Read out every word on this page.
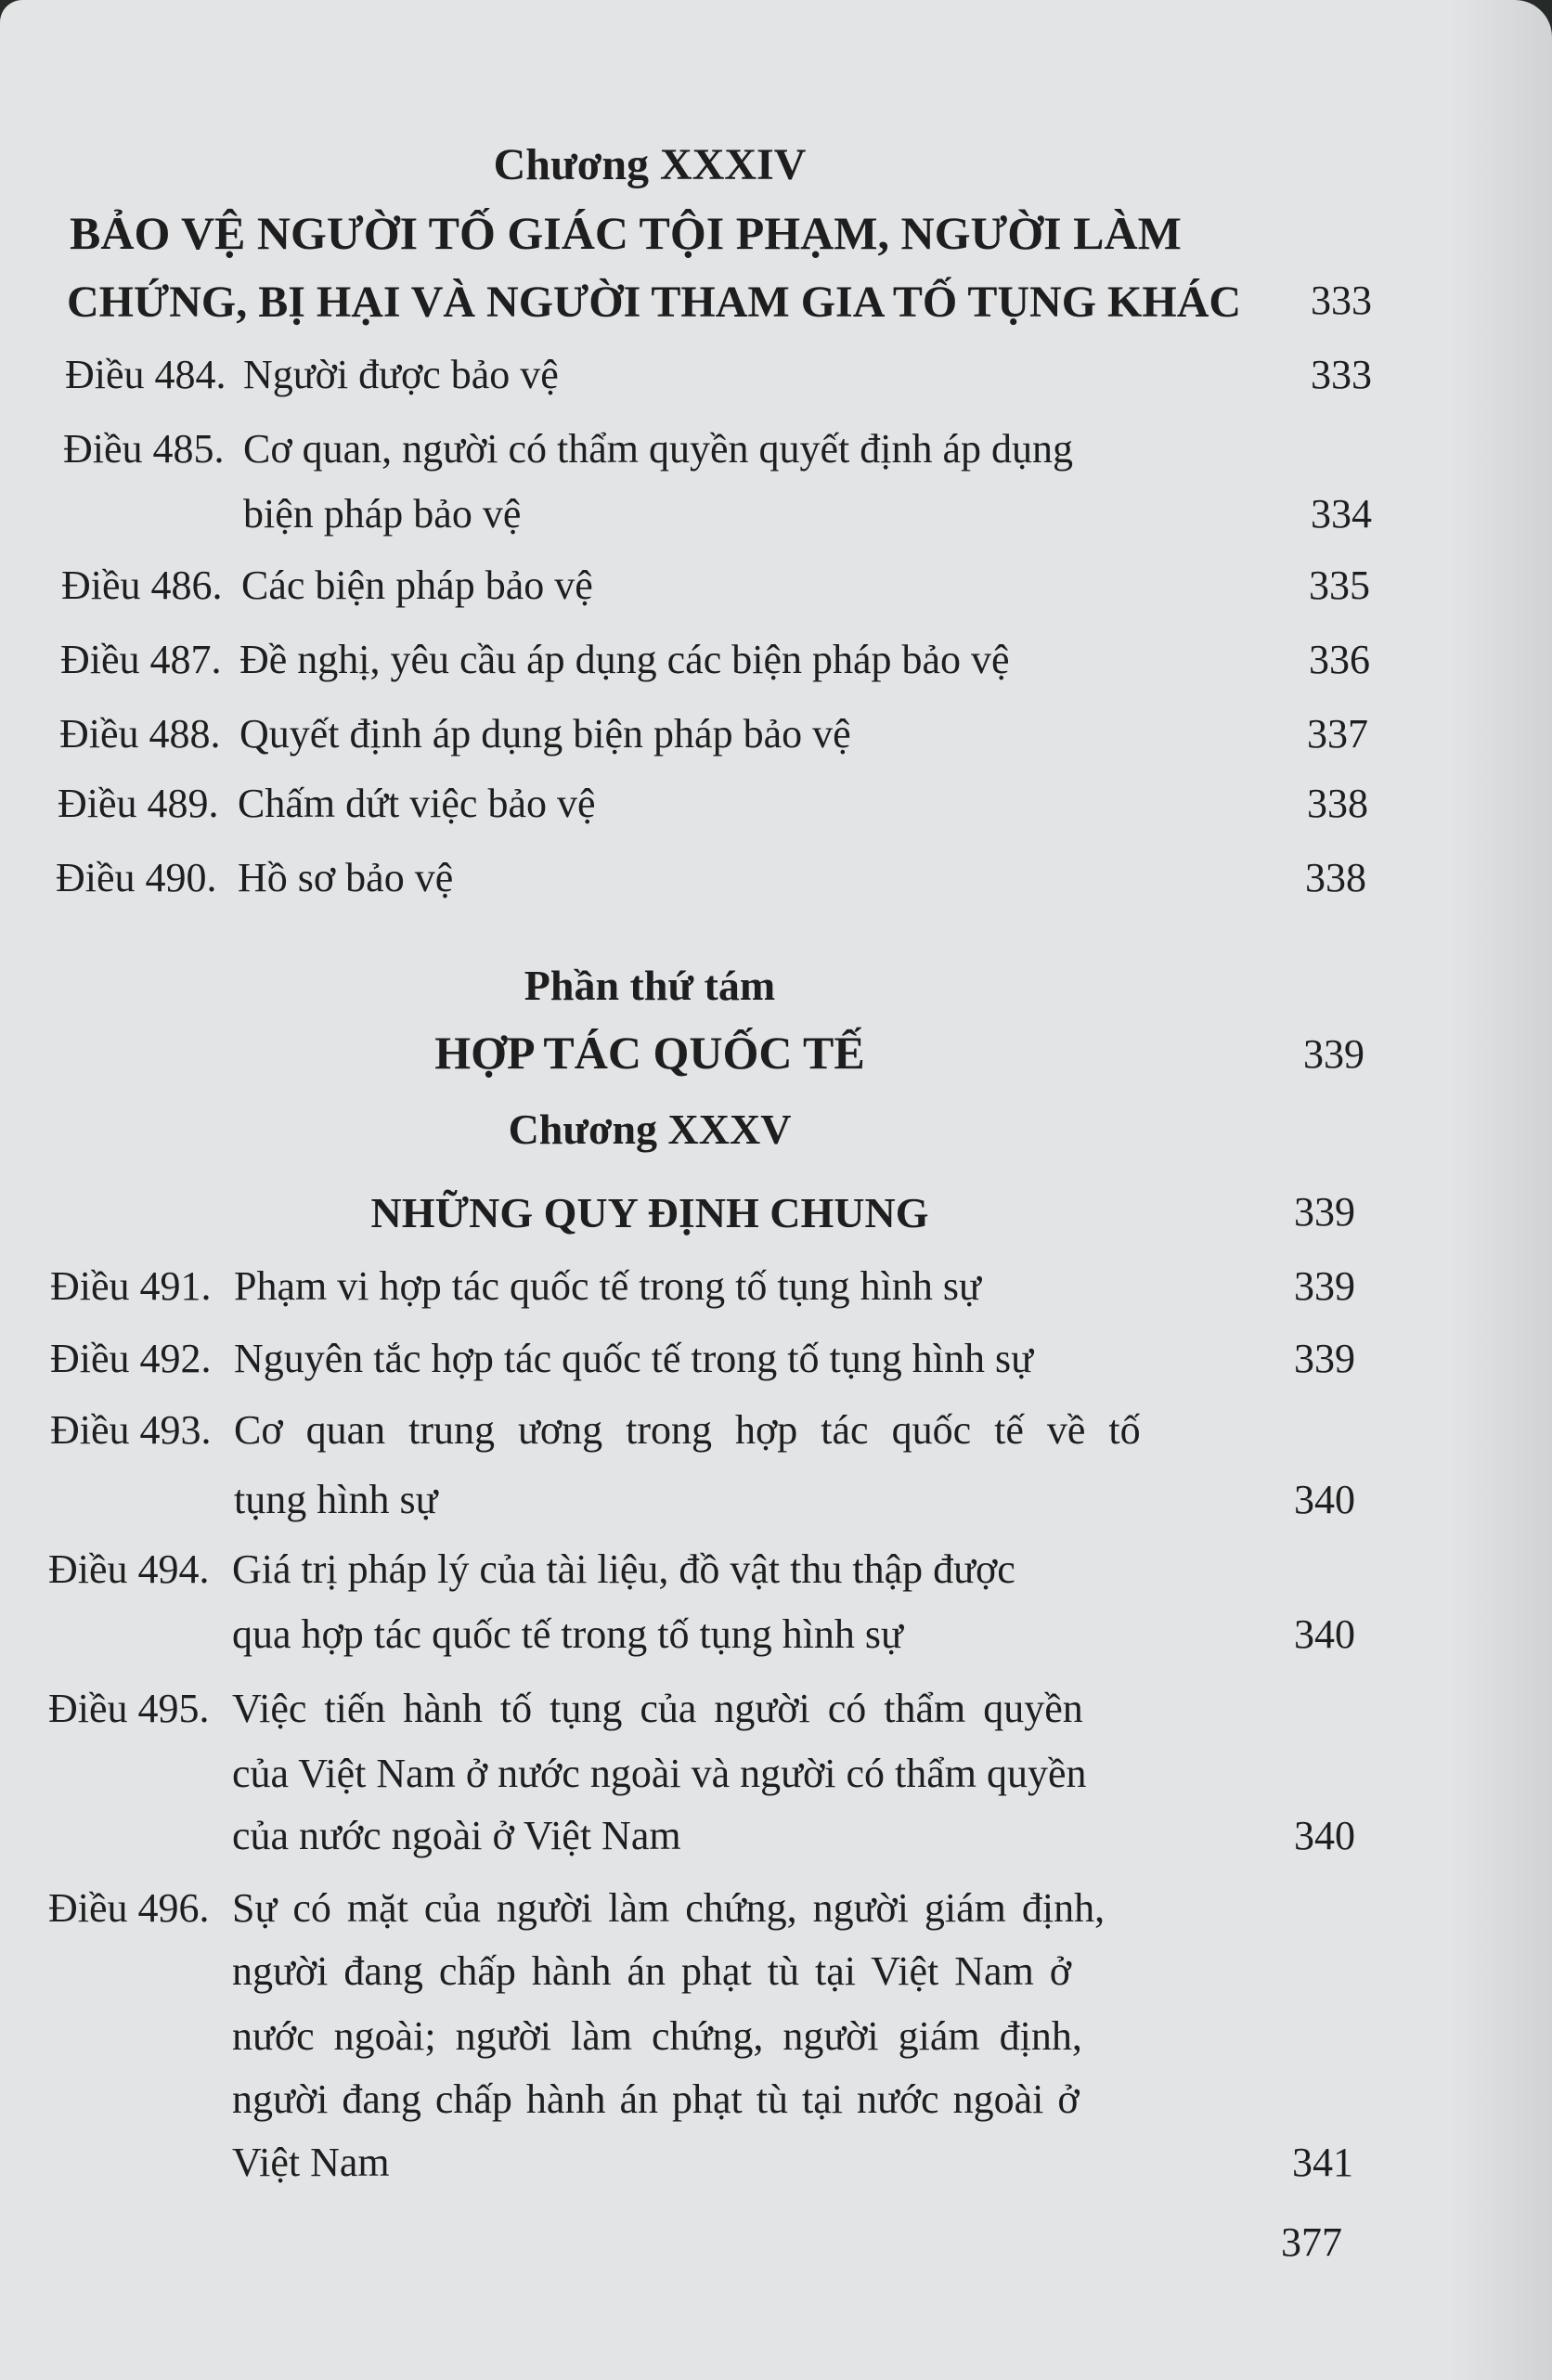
Chương XXXIV
BẢO VỆ NGƯỜI TỐ GIÁC TỘI PHẠM, NGƯỜI LÀM
CHỨNG, BỊ HẠI VÀ NGƯỜI THAM GIA TỐ TỤNG KHÁC	333
Điều 484. Người được bảo vệ	333
Điều 485. Cơ quan, người có thẩm quyền quyết định áp dụng
biện pháp bảo vệ	334
Điều 486. Các biện pháp bảo vệ	335
Điều 487. Đề nghị, yêu cầu áp dụng các biện pháp bảo vệ	336
Điều 488. Quyết định áp dụng biện pháp bảo vệ	337
Điều 489. Chấm dứt việc bảo vệ	338
Điều 490. Hồ sơ bảo vệ	338
Phần thứ tám
HỢP TÁC QUỐC TẾ	339
Chương XXXV
NHỮNG QUY ĐỊNH CHUNG	339
Điều 491. Phạm vi hợp tác quốc tế trong tố tụng hình sự	339
Điều 492. Nguyên tắc hợp tác quốc tế trong tố tụng hình sự	339
Điều 493. Cơ quan trung ương trong hợp tác quốc tế về tố
tụng hình sự	340
Điều 494. Giá trị pháp lý của tài liệu, đồ vật thu thập được
qua hợp tác quốc tế trong tố tụng hình sự	340
Điều 495. Việc tiến hành tố tụng của người có thẩm quyền
của Việt Nam ở nước ngoài và người có thẩm quyền
của nước ngoài ở Việt Nam	340
Điều 496. Sự có mặt của người làm chứng, người giám định,
người đang chấp hành án phạt tù tại Việt Nam ở
nước ngoài; người làm chứng, người giám định,
người đang chấp hành án phạt tù tại nước ngoài ở
Việt Nam	341
377
